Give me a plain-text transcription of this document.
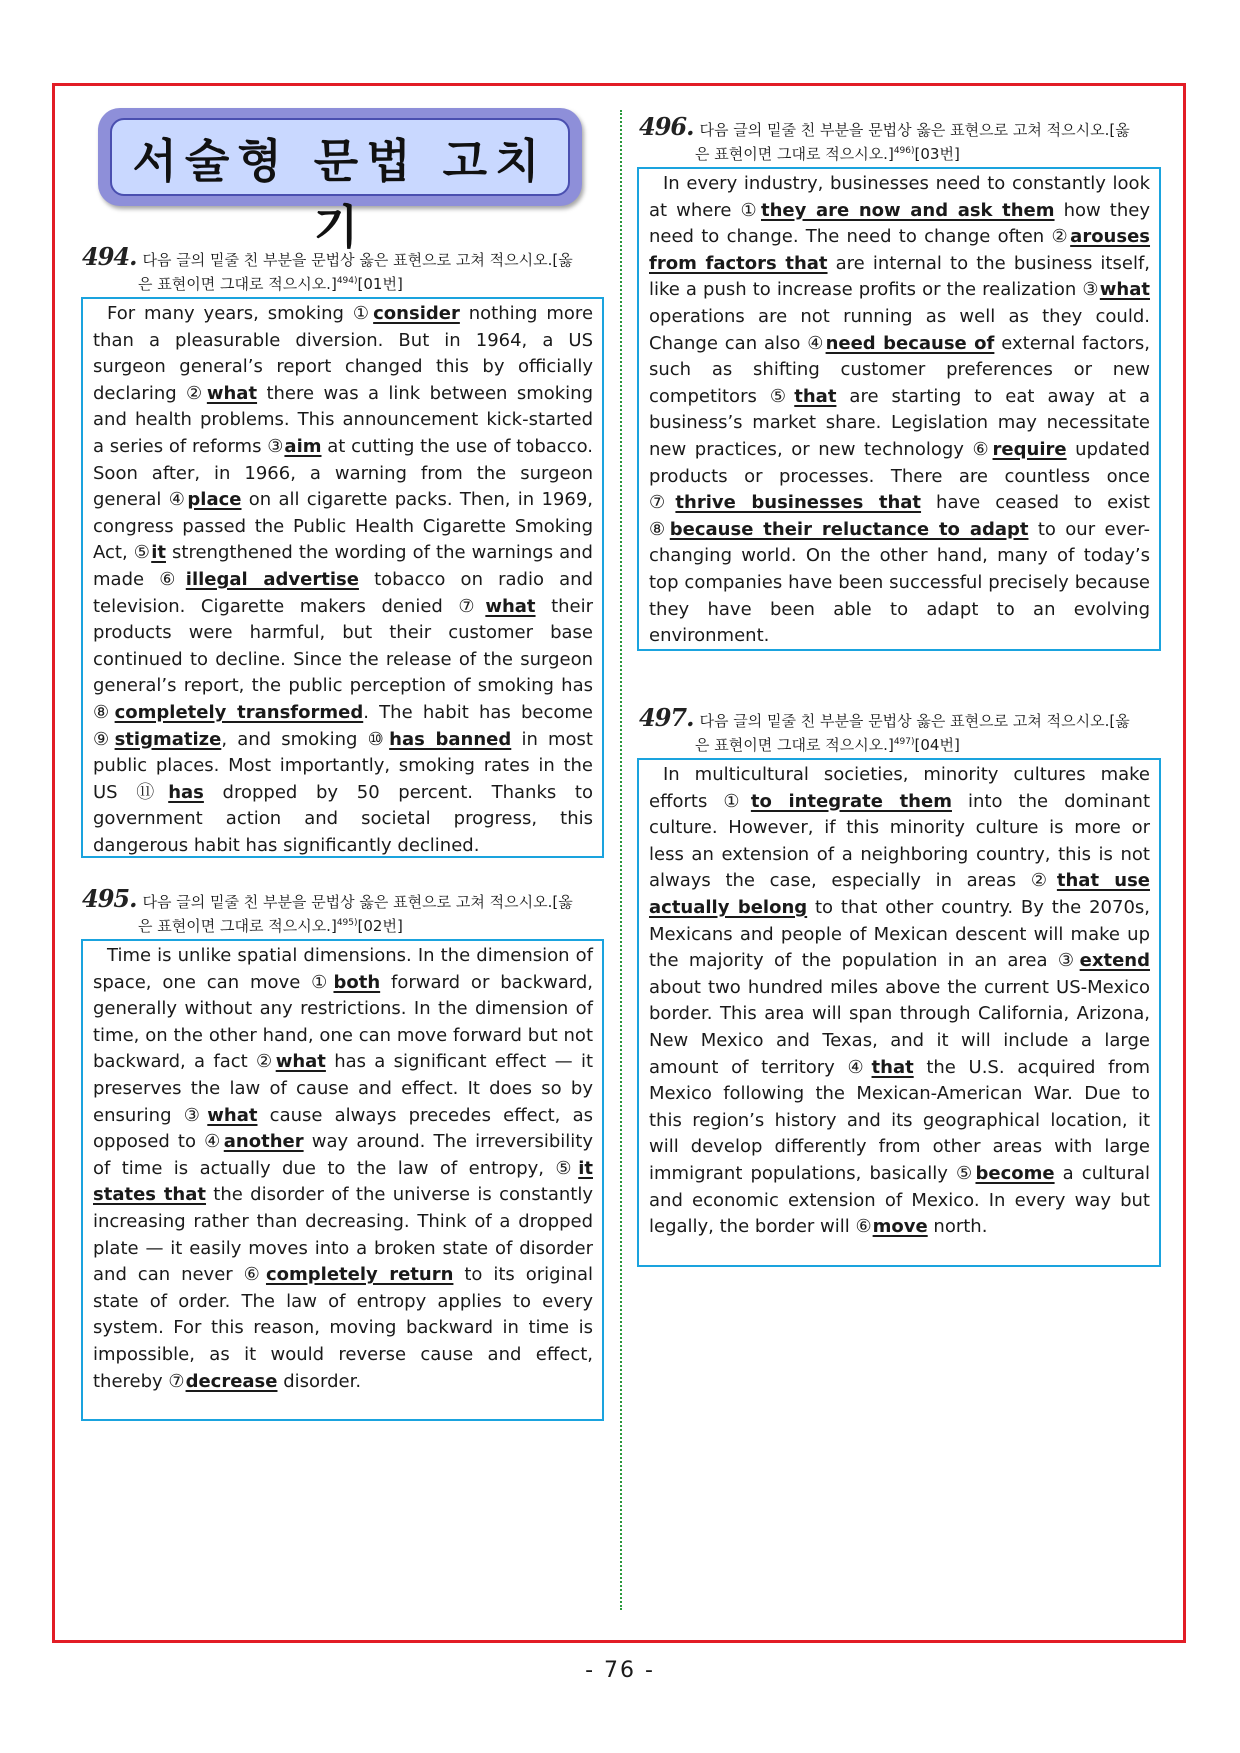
서술형 문법 고치기
494. 다음 글의 밑줄 친 부분을 문법상 옳은 표현으로 고쳐 적으시오.[옳
은 표현이면 그대로 적으시오.]$^{494)}$[01번]

For many years, smoking ①consider nothing more than a pleasurable diversion. But in 1964, a US surgeon general’s report changed this by officially declaring ②what there was a link between smoking and health problems. This announcement kick-started a series of reforms ③aim at cutting the use of tobacco. Soon after, in 1966, a warning from the surgeon general ④place on all cigarette packs. Then, in 1969, congress passed the Public Health Cigarette Smoking Act, ⑤it strengthened the wording of the warnings and made ⑥illegal advertise tobacco on radio and television. Cigarette makers denied ⑦what their products were harmful, but their customer base continued to decline. Since the release of the surgeon general’s report, the public perception of smoking has ⑧completely transformed. The habit has become ⑨stigmatize, and smoking ⑩has banned in most public places. Most importantly, smoking rates in the US ⑪has dropped by 50 percent. Thanks to government action and societal progress, this dangerous habit has significantly declined.

495. 다음 글의 밑줄 친 부분을 문법상 옳은 표현으로 고쳐 적으시오.[옳
은 표현이면 그대로 적으시오.]$^{495)}$[02번]

Time is unlike spatial dimensions. In the dimension of space, one can move ①both forward or backward, generally without any restrictions. In the dimension of time, on the other hand, one can move forward but not backward, a fact ②what has a significant effect — it preserves the law of cause and effect. It does so by ensuring ③what cause always precedes effect, as opposed to ④another way around. The irreversibility of time is actually due to the law of entropy, ⑤it states that the disorder of the universe is constantly increasing rather than decreasing. Think of a dropped plate — it easily moves into a broken state of disorder and can never ⑥completely return to its original state of order. The law of entropy applies to every system. For this reason, moving backward in time is impossible, as it would reverse cause and effect, thereby ⑦decrease disorder.

496. 다음 글의 밑줄 친 부분을 문법상 옳은 표현으로 고쳐 적으시오.[옳
은 표현이면 그대로 적으시오.]$^{496)}$[03번]

In every industry, businesses need to constantly look at where ①they are now and ask them how they need to change. The need to change often ②arouses from factors that are internal to the business itself, like a push to increase profits or the realization ③what operations are not running as well as they could. Change can also ④need because of external factors, such as shifting customer preferences or new competitors ⑤that are starting to eat away at a business’s market share. Legislation may necessitate new practices, or new technology ⑥require updated products or processes. There are countless once ⑦thrive businesses that have ceased to exist ⑧because their reluctance to adapt to our ever-changing world. On the other hand, many of today’s top companies have been successful precisely because they have been able to adapt to an evolving environment.

497. 다음 글의 밑줄 친 부분을 문법상 옳은 표현으로 고쳐 적으시오.[옳
은 표현이면 그대로 적으시오.]$^{497)}$[04번]

In multicultural societies, minority cultures make efforts ①to integrate them into the dominant culture. However, if this minority culture is more or less an extension of a neighboring country, this is not always the case, especially in areas ②that use actually belong to that other country. By the 2070s, Mexicans and people of Mexican descent will make up the majority of the population in an area ③extend about two hundred miles above the current US-Mexico border. This area will span through California, Arizona, New Mexico and Texas, and it will include a large amount of territory ④that the U.S. acquired from Mexico following the Mexican-American War. Due to this region’s history and its geographical location, it will develop differently from other areas with large immigrant populations, basically ⑤become a cultural and economic extension of Mexico. In every way but legally, the border will ⑥move north.

- 76 -
